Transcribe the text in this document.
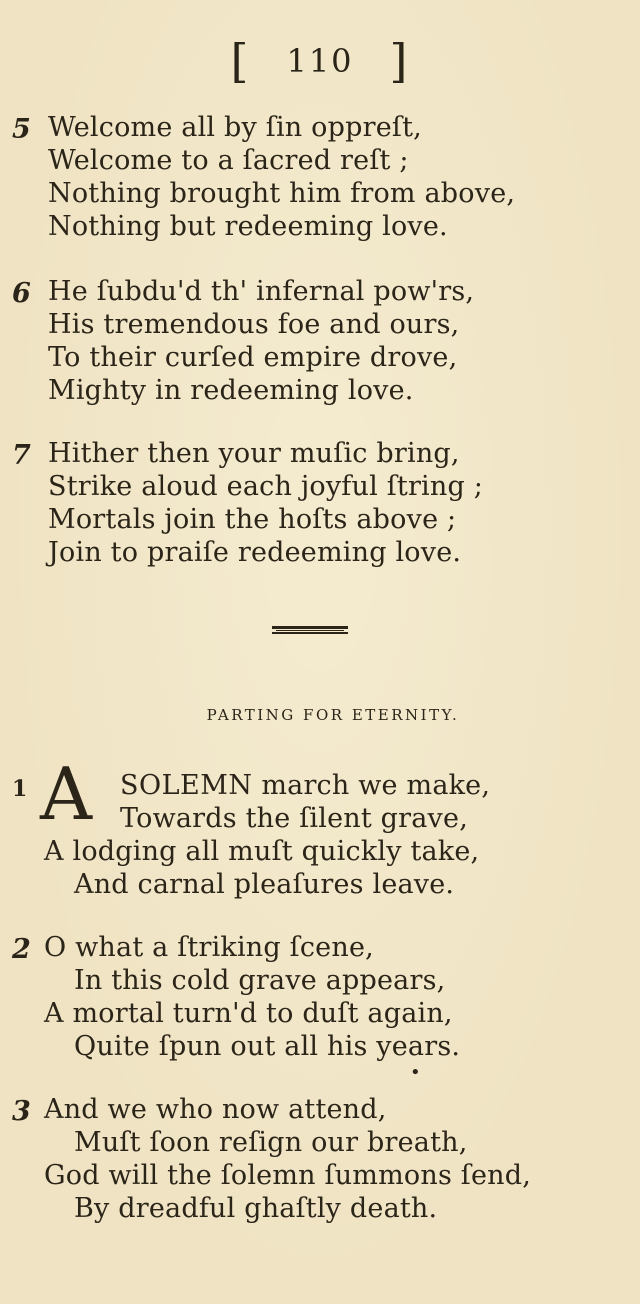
[ 110 ]
5 Welcome all by ſin oppreſt,
Welcome to a ſacred reſt ;
Nothing brought him from above,
Nothing but redeeming love.
6 He ſubdu'd th' infernal pow'rs,
His tremendous foe and ours,
To their curſed empire drove,
Mighty in redeeming love.
7 Hither then your muſic bring,
Strike aloud each joyful ſtring ;
Mortals join the hoſts above ;
Join to praiſe redeeming love.
PARTING FOR ETERNITY.
1	SOLEMN march we make,
Towards the ſilent grave,
A lodging all muſt quickly take,
And carnal pleaſures leave.
A
2 O what a ſtriking ſcene,
In this cold grave appears,
A mortal turn'd to duſt again,
Quite ſpun out all his years.
•
3 And we who now attend,
Muſt ſoon reſign our breath,
God will the ſolemn ſummons ſend,
By dreadful ghaſtly death.
